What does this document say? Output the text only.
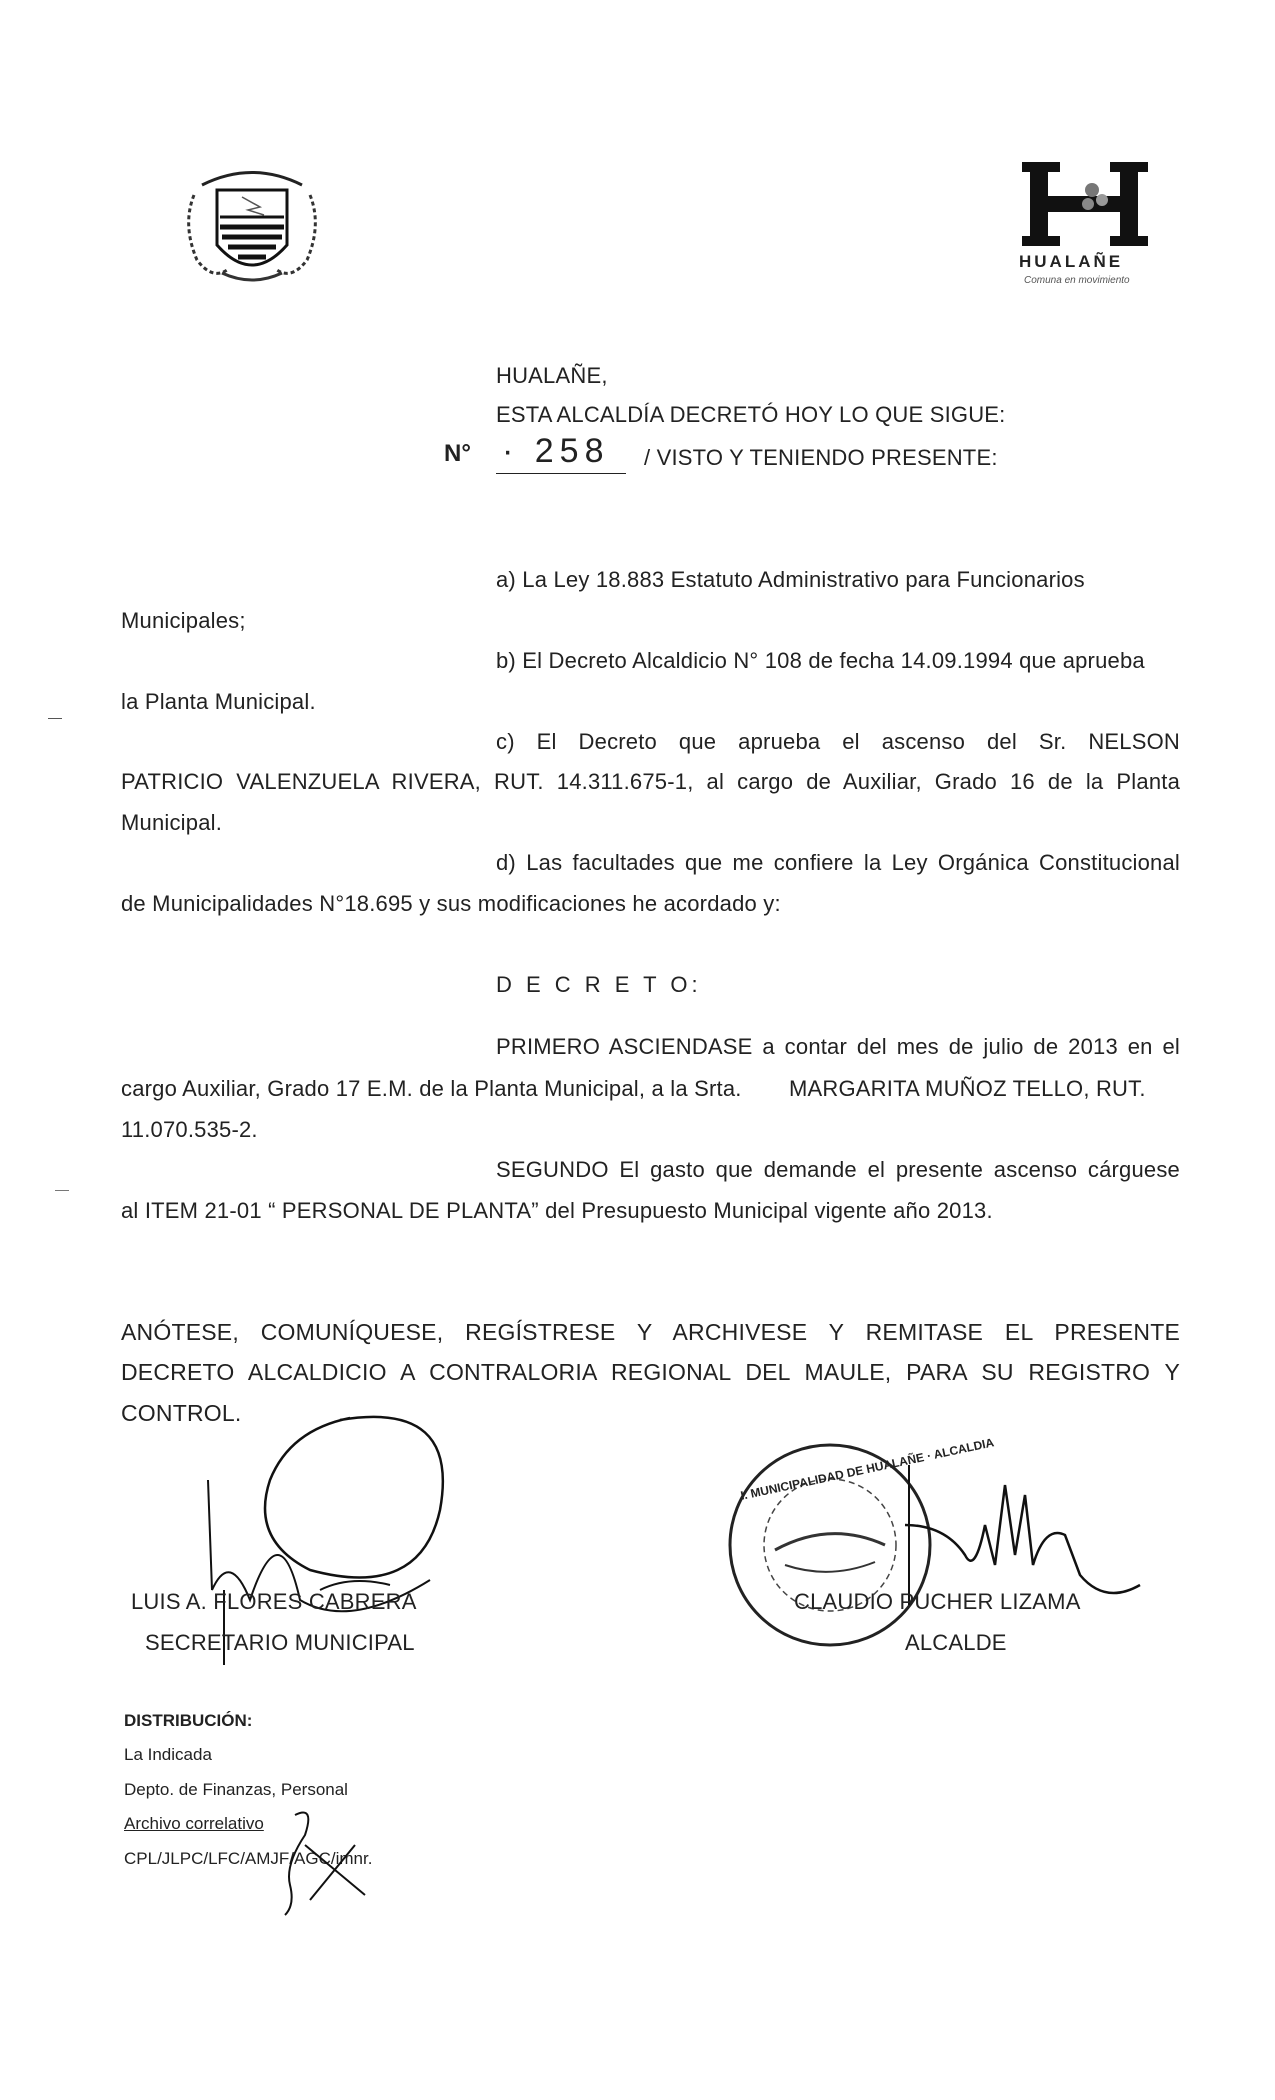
HUALAÑE
Comuna en movimiento
HUALAÑE,
ESTA ALCALDÍA DECRETÓ HOY LO QUE SIGUE:
N° · 258 / VISTO Y TENIENDO PRESENTE:
a) La Ley 18.883 Estatuto Administrativo para Funcionarios
Municipales;
b) El Decreto Alcaldicio N° 108 de fecha 14.09.1994 que aprueba
la Planta Municipal.
c) El Decreto que aprueba el ascenso del Sr. NELSON
PATRICIO VALENZUELA RIVERA, RUT. 14.311.675-1, al cargo de Auxiliar, Grado 16 de la Planta
Municipal.
d) Las facultades que me confiere la Ley Orgánica Constitucional
de Municipalidades N°18.695 y sus modificaciones he acordado y:
D E C R E T O:
PRIMERO ASCIENDASE a contar del mes de julio de 2013 en el
cargo Auxiliar, Grado 17 E.M. de la Planta Municipal, a la Srta. MARGARITA MUÑOZ TELLO, RUT.
11.070.535-2.
SEGUNDO El gasto que demande el presente ascenso cárguese
al ITEM 21-01 “ PERSONAL DE PLANTA” del Presupuesto Municipal vigente año 2013.
ANÓTESE, COMUNÍQUESE, REGÍSTRESE Y ARCHIVESE Y REMITASE EL PRESENTE
DECRETO ALCALDICIO A CONTRALORIA REGIONAL DEL MAULE, PARA SU REGISTRO Y
CONTROL.
LUIS A. FLORES CABRERA
SECRETARIO MUNICIPAL
I. MUNICIPALIDAD DE HUALAÑE · ALCALDIA
CLAUDIO PUCHER LIZAMA
ALCALDE
DISTRIBUCIÓN:
La Indicada
Depto. de Finanzas, Personal
Archivo correlativo
CPL/JLPC/LFC/AMJF/AGC/imnr.
